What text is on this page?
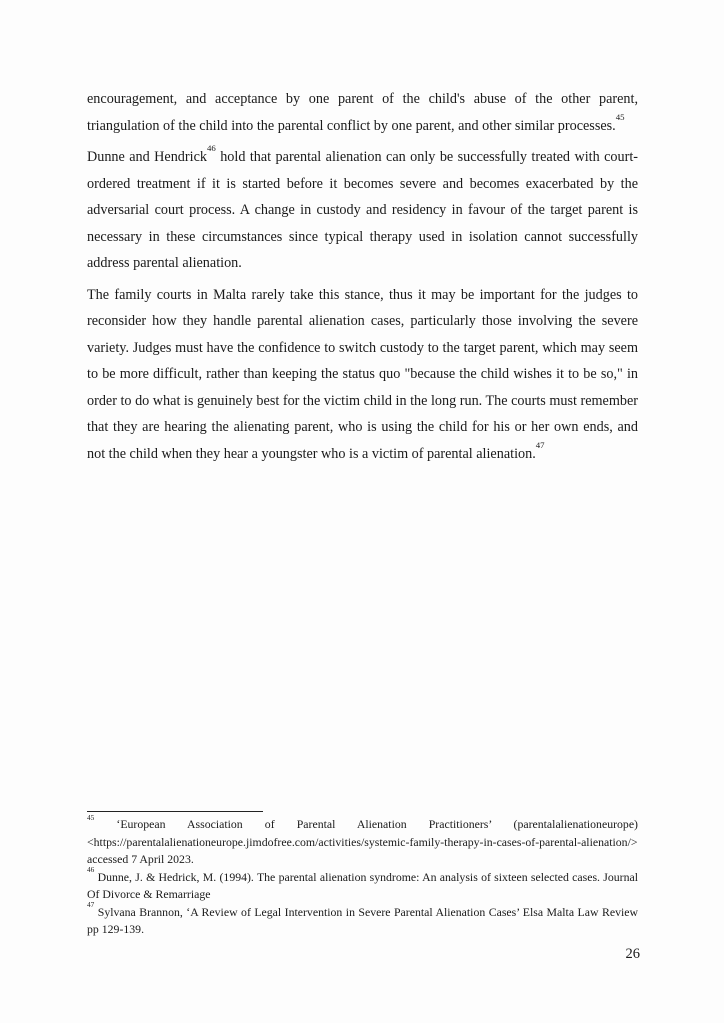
encouragement, and acceptance by one parent of the child's abuse of the other parent, triangulation of the child into the parental conflict by one parent, and other similar processes.$^{45}$

Dunne and Hendrick$^{46}$ hold that parental alienation can only be successfully treated with court-ordered treatment if it is started before it becomes severe and becomes exacerbated by the adversarial court process. A change in custody and residency in favour of the target parent is necessary in these circumstances since typical therapy used in isolation cannot successfully address parental alienation.

The family courts in Malta rarely take this stance, thus it may be important for the judges to reconsider how they handle parental alienation cases, particularly those involving the severe variety. Judges must have the confidence to switch custody to the target parent, which may seem to be more difficult, rather than keeping the status quo "because the child wishes it to be so," in order to do what is genuinely best for the victim child in the long run. The courts must remember that they are hearing the alienating parent, who is using the child for his or her own ends, and not the child when they hear a youngster who is a victim of parental alienation.$^{47}$

$^{45}$ ‘European Association of Parental Alienation Practitioners’ (parentalalienationeurope) <https://parentalalienationeurope.jimdofree.com/activities/systemic-family-therapy-in-cases-of-parental-alienation/> accessed 7 April 2023.
$^{46}$ Dunne, J. & Hedrick, M. (1994). The parental alienation syndrome: An analysis of sixteen selected cases. Journal Of Divorce & Remarriage
$^{47}$ Sylvana Brannon, ‘A Review of Legal Intervention in Severe Parental Alienation Cases’ Elsa Malta Law Review pp 129-139.
26
